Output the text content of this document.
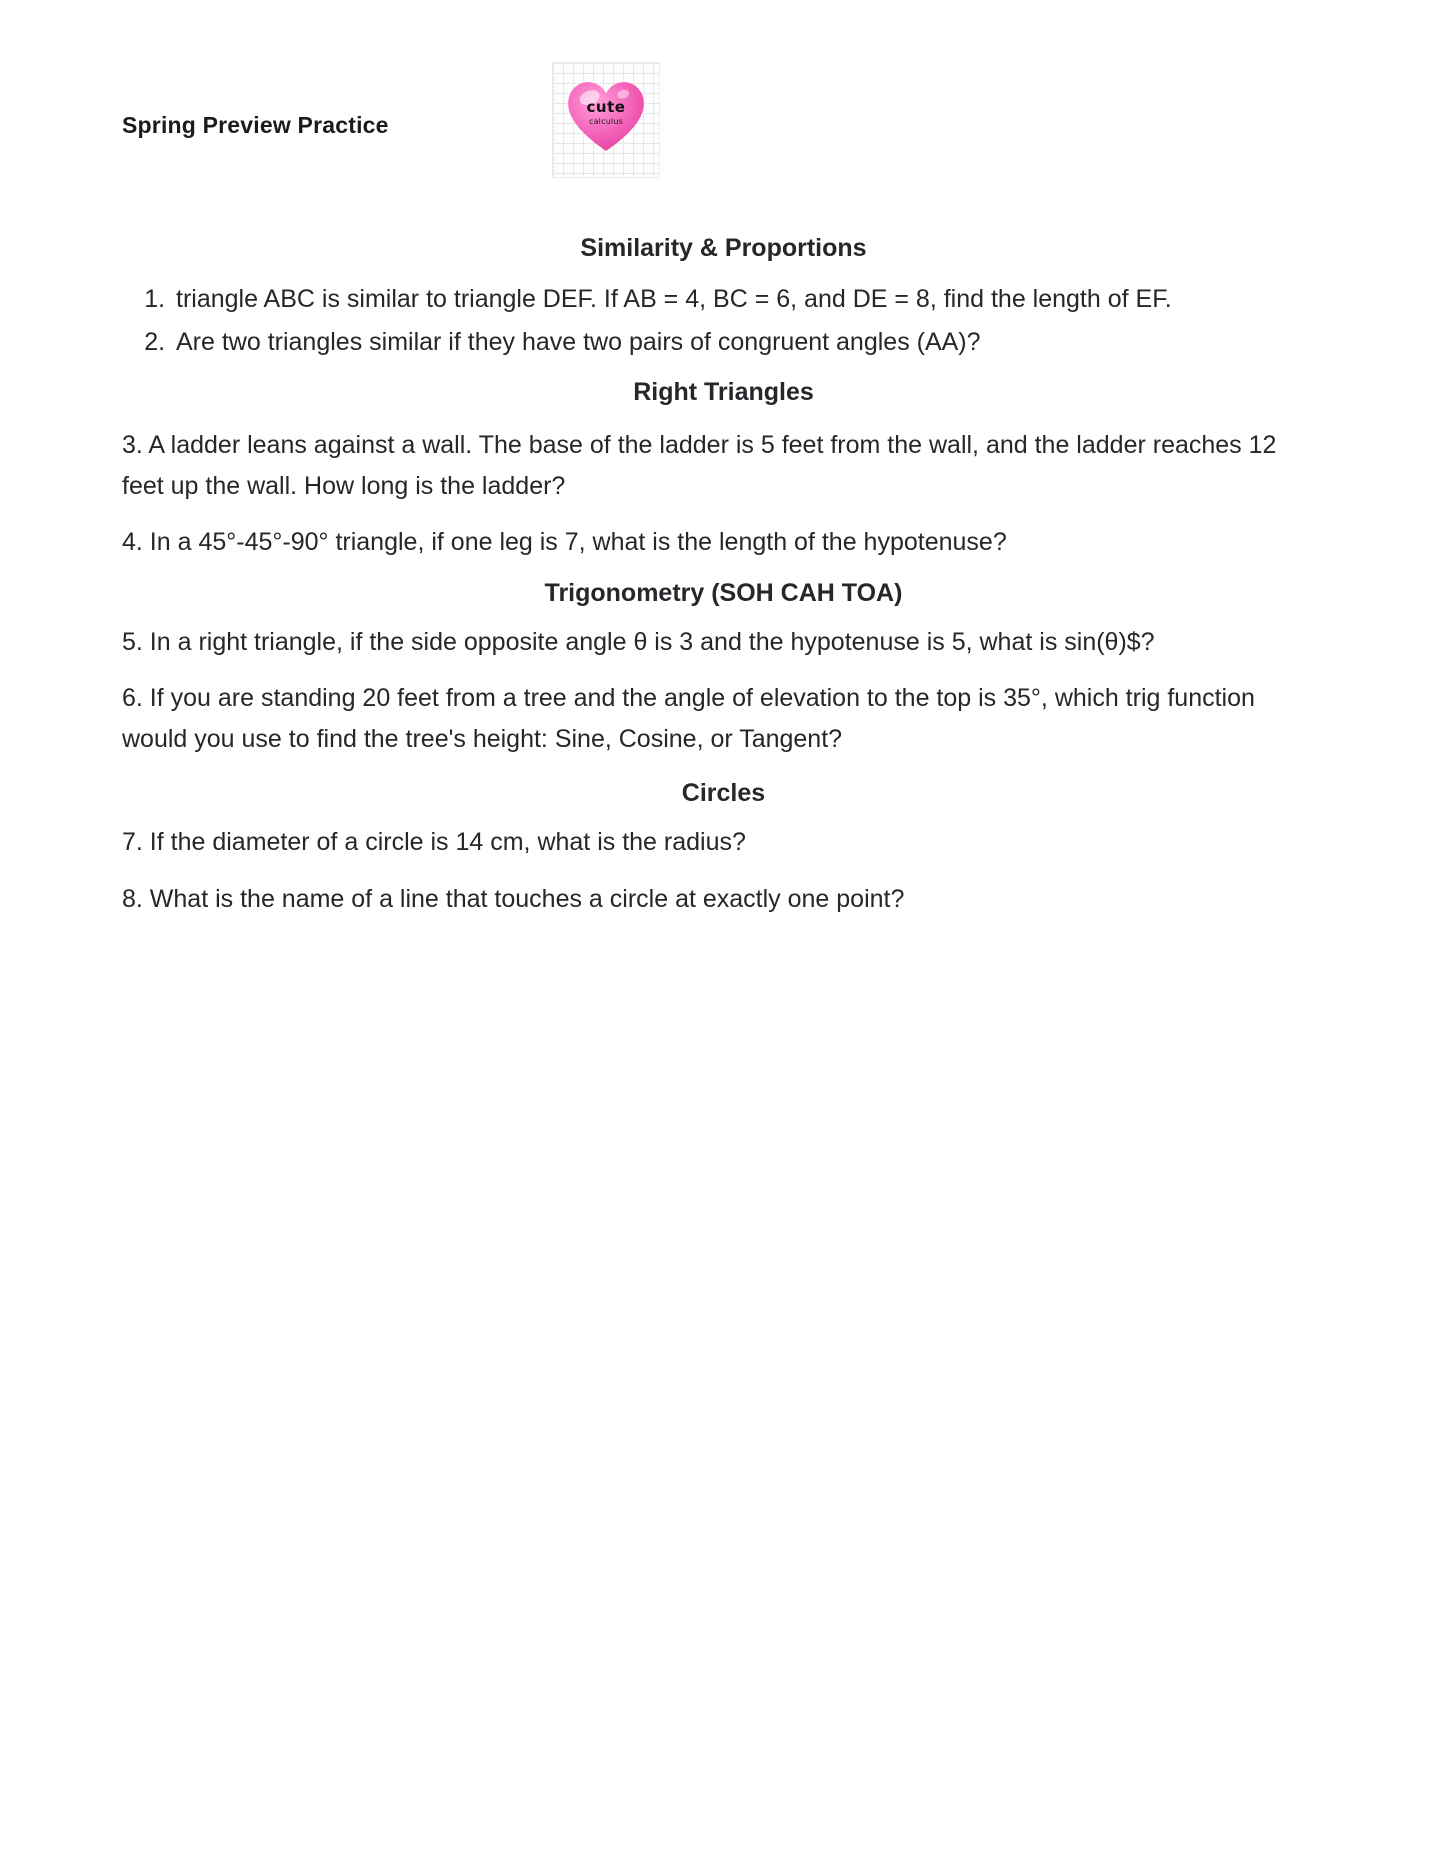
Spring Preview Practice
cute
calculus
Similarity & Proportions
1. triangle ABC is similar to triangle DEF. If AB = 4, BC = 6, and DE = 8, find the length of EF.
2. Are two triangles similar if they have two pairs of congruent angles (AA)?
Right Triangles

3. A ladder leans against a wall. The base of the ladder is 5 feet from the wall, and the ladder reaches 12 feet up the wall. How long is the ladder?

4. In a 45°-45°-90° triangle, if one leg is 7, what is the length of the hypotenuse?

Trigonometry (SOH CAH TOA)

5. In a right triangle, if the side opposite angle θ is 3 and the hypotenuse is 5, what is sin(θ)$?

6. If you are standing 20 feet from a tree and the angle of elevation to the top is 35°, which trig function would you use to find the tree's height: Sine, Cosine, or Tangent?

Circles

7. If the diameter of a circle is 14 cm, what is the radius?

8. What is the name of a line that touches a circle at exactly one point?
